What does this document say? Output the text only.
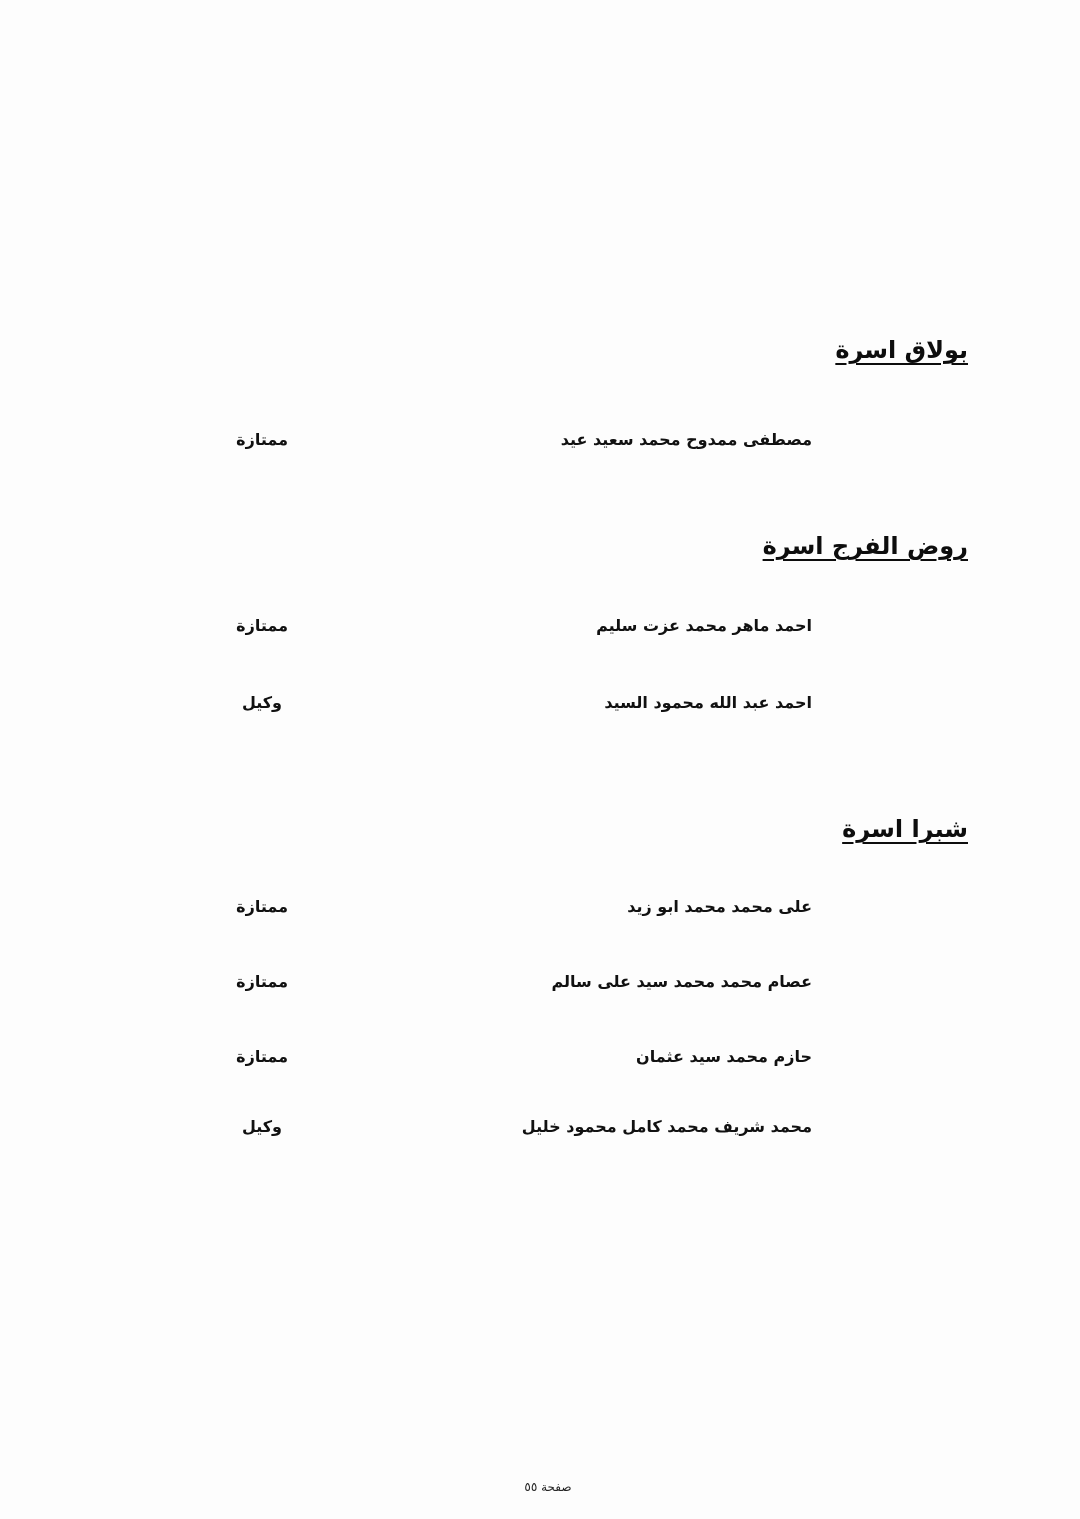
بولاق اسرة
مصطفى ممدوح محمد سعيد عيد
ممتازة
روض الفرج اسرة
احمد ماهر محمد عزت سليم
ممتازة
احمد عبد الله محمود السيد
وكيل
شبرا اسرة
على محمد محمد ابو زيد
ممتازة
عصام محمد محمد سيد على سالم
ممتازة
حازم محمد سيد عثمان
ممتازة
محمد شريف محمد كامل محمود خليل
وكيل
صفحة ٥٥
